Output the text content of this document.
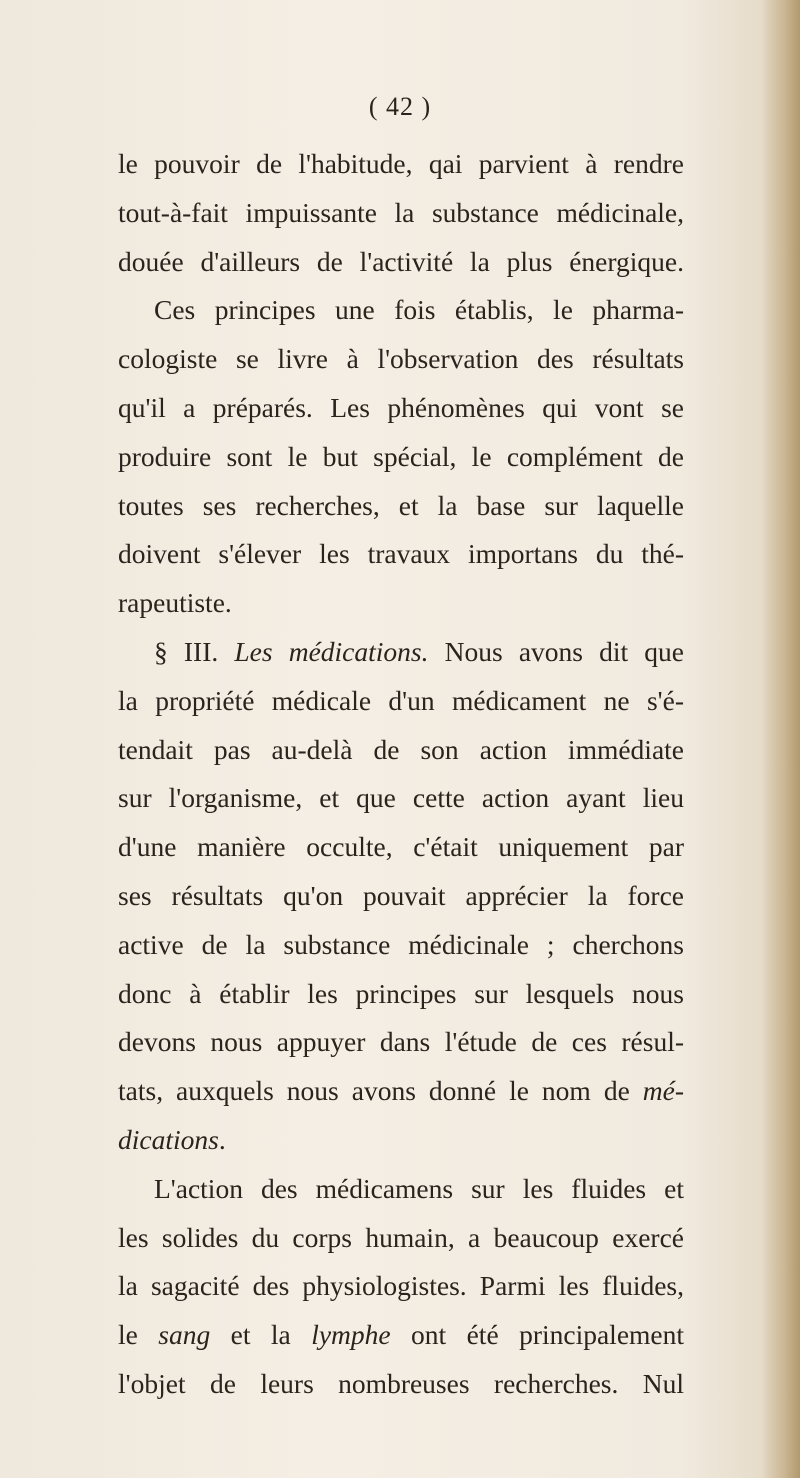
( 42 )
le pouvoir de l'habitude, qai parvient à rendre
tout-à-fait impuissante la substance médicinale,
douée d'ailleurs de l'activité la plus énergique.
Ces principes une fois établis, le pharma-
cologiste se livre à l'observation des résultats
qu'il a préparés. Les phénomènes qui vont se
produire sont le but spécial, le complément de
toutes ses recherches, et la base sur laquelle
doivent s'élever les travaux importans du thé-
rapeutiste.
§ III. Les médications. Nous avons dit que
la propriété médicale d'un médicament ne s'é-
tendait pas au-delà de son action immédiate
sur l'organisme, et que cette action ayant lieu
d'une manière occulte, c'était uniquement par
ses résultats qu'on pouvait apprécier la force
active de la substance médicinale ; cherchons
donc à établir les principes sur lesquels nous
devons nous appuyer dans l'étude de ces résul-
tats, auxquels nous avons donné le nom de mé-
dications.
L'action des médicamens sur les fluides et
les solides du corps humain, a beaucoup exercé
la sagacité des physiologistes. Parmi les fluides,
le sang et la lymphe ont été principalement
l'objet de leurs nombreuses recherches. Nul
